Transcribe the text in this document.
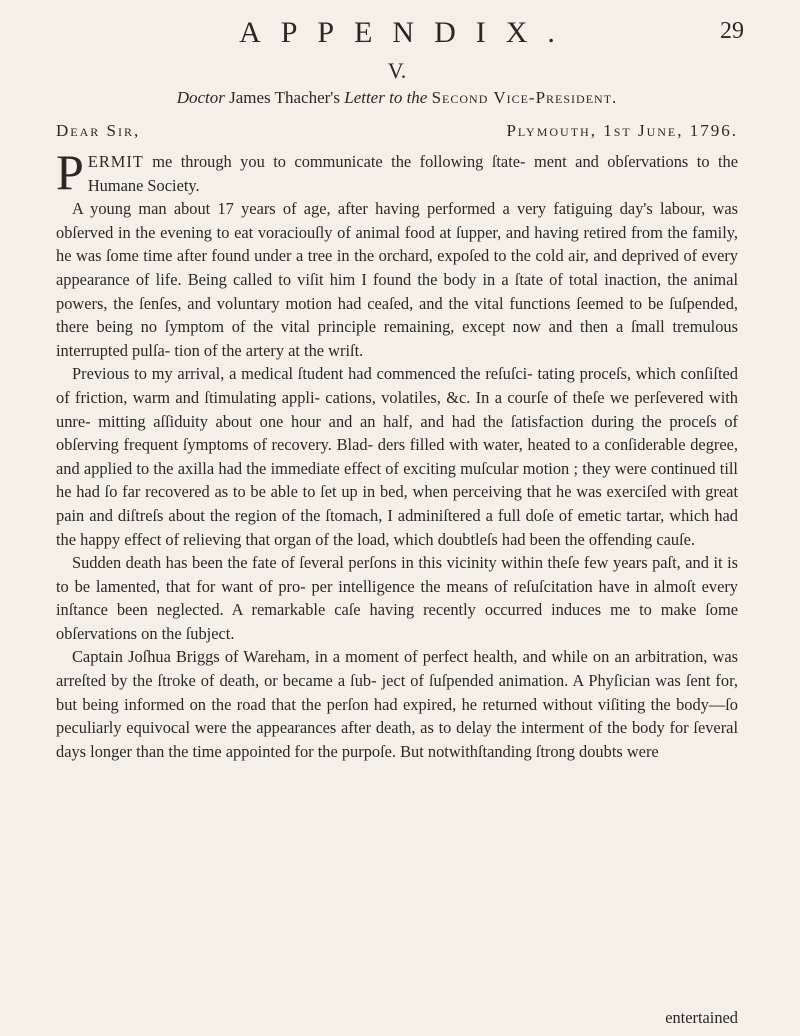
APPENDIX.	29
V.
Doctor James Thacher's Letter to the Second Vice-President.
Dear Sir,	Plymouth, 1ſt June, 1796.

P ERMIT me through you to communicate the following ſtate- ment and obſervations to the Humane Society.

A young man about 17 years of age, after having performed a very fatiguing day's labour, was obſerved in the evening to eat voraciouſly of animal food at ſupper, and having retired from the family, he was ſome time after found under a tree in the orchard, expoſed to the cold air, and deprived of every appearance of life. Being called to viſit him I found the body in a ſtate of total inaction, the animal powers, the ſenſes, and voluntary motion had ceaſed, and the vital functions ſeemed to be ſuſpended, there being no ſymptom of the vital principle remaining, except now and then a ſmall tremulous interrupted pulſa- tion of the artery at the wriſt.

Previous to my arrival, a medical ſtudent had commenced the reſuſci- tating proceſs, which conſiſted of friction, warm and ſtimulating appli- cations, volatiles, &c. In a courſe of theſe we perſevered with unre- mitting aſſiduity about one hour and an half, and had the ſatisfaction during the proceſs of obſerving frequent ſymptoms of recovery. Blad- ders filled with water, heated to a conſiderable degree, and applied to the axilla had the immediate effect of exciting muſcular motion ; they were continued till he had ſo far recovered as to be able to ſet up in bed, when perceiving that he was exerciſed with great pain and diſtreſs about the region of the ſtomach, I adminiſtered a full doſe of emetic tartar, which had the happy effect of relieving that organ of the load, which doubtleſs had been the offending cauſe.

Sudden death has been the fate of ſeveral perſons in this vicinity within theſe few years paſt, and it is to be lamented, that for want of pro- per intelligence the means of reſuſcitation have in almoſt every inſtance been neglected. A remarkable caſe having recently occurred induces me to make ſome obſervations on the ſubject.

Captain Joſhua Briggs of Wareham, in a moment of perfect health, and while on an arbitration, was arreſted by the ſtroke of death, or became a ſub- ject of ſuſpended animation. A Phyſician was ſent for, but being informed on the road that the perſon had expired, he returned without viſiting the body—ſo peculiarly equivocal were the appearances after death, as to delay the interment of the body for ſeveral days longer than the time appointed for the purpoſe. But notwithſtanding ſtrong doubts were

entertained
